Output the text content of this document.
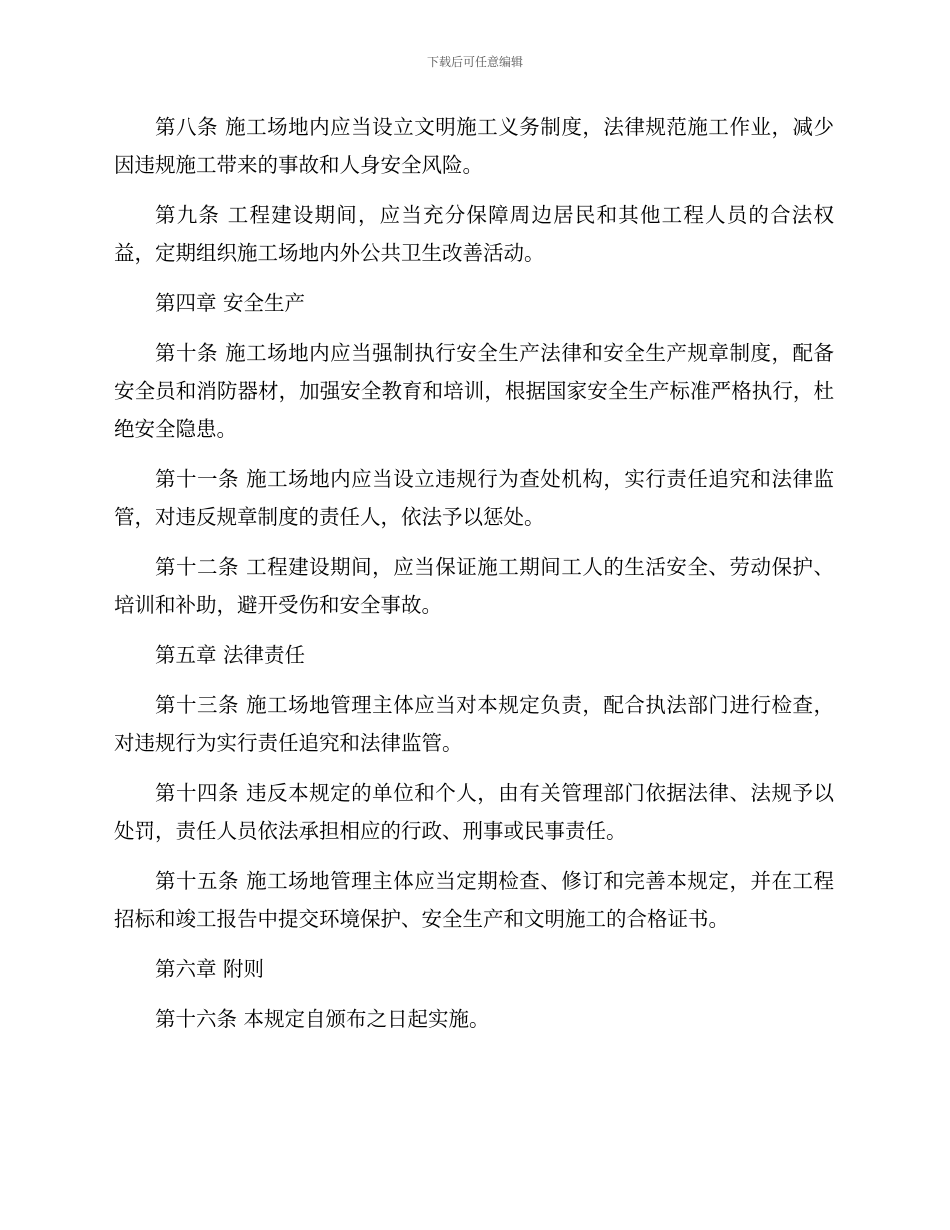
下载后可任意编辑

第八条 施工场地内应当设立文明施工义务制度，法律规范施工作业，减少因违规施工带来的事故和人身安全风险。

第九条 工程建设期间，应当充分保障周边居民和其他工程人员的合法权益，定期组织施工场地内外公共卫生改善活动。

第四章 安全生产

第十条 施工场地内应当强制执行安全生产法律和安全生产规章制度，配备安全员和消防器材，加强安全教育和培训，根据国家安全生产标准严格执行，杜绝安全隐患。

第十一条 施工场地内应当设立违规行为查处机构，实行责任追究和法律监管，对违反规章制度的责任人，依法予以惩处。

第十二条 工程建设期间，应当保证施工期间工人的生活安全、劳动保护、培训和补助，避开受伤和安全事故。

第五章 法律责任

第十三条 施工场地管理主体应当对本规定负责，配合执法部门进行检查，对违规行为实行责任追究和法律监管。

第十四条 违反本规定的单位和个人，由有关管理部门依据法律、法规予以处罚，责任人员依法承担相应的行政、刑事或民事责任。

第十五条 施工场地管理主体应当定期检查、修订和完善本规定，并在工程招标和竣工报告中提交环境保护、安全生产和文明施工的合格证书。

第六章 附则

第十六条 本规定自颁布之日起实施。
